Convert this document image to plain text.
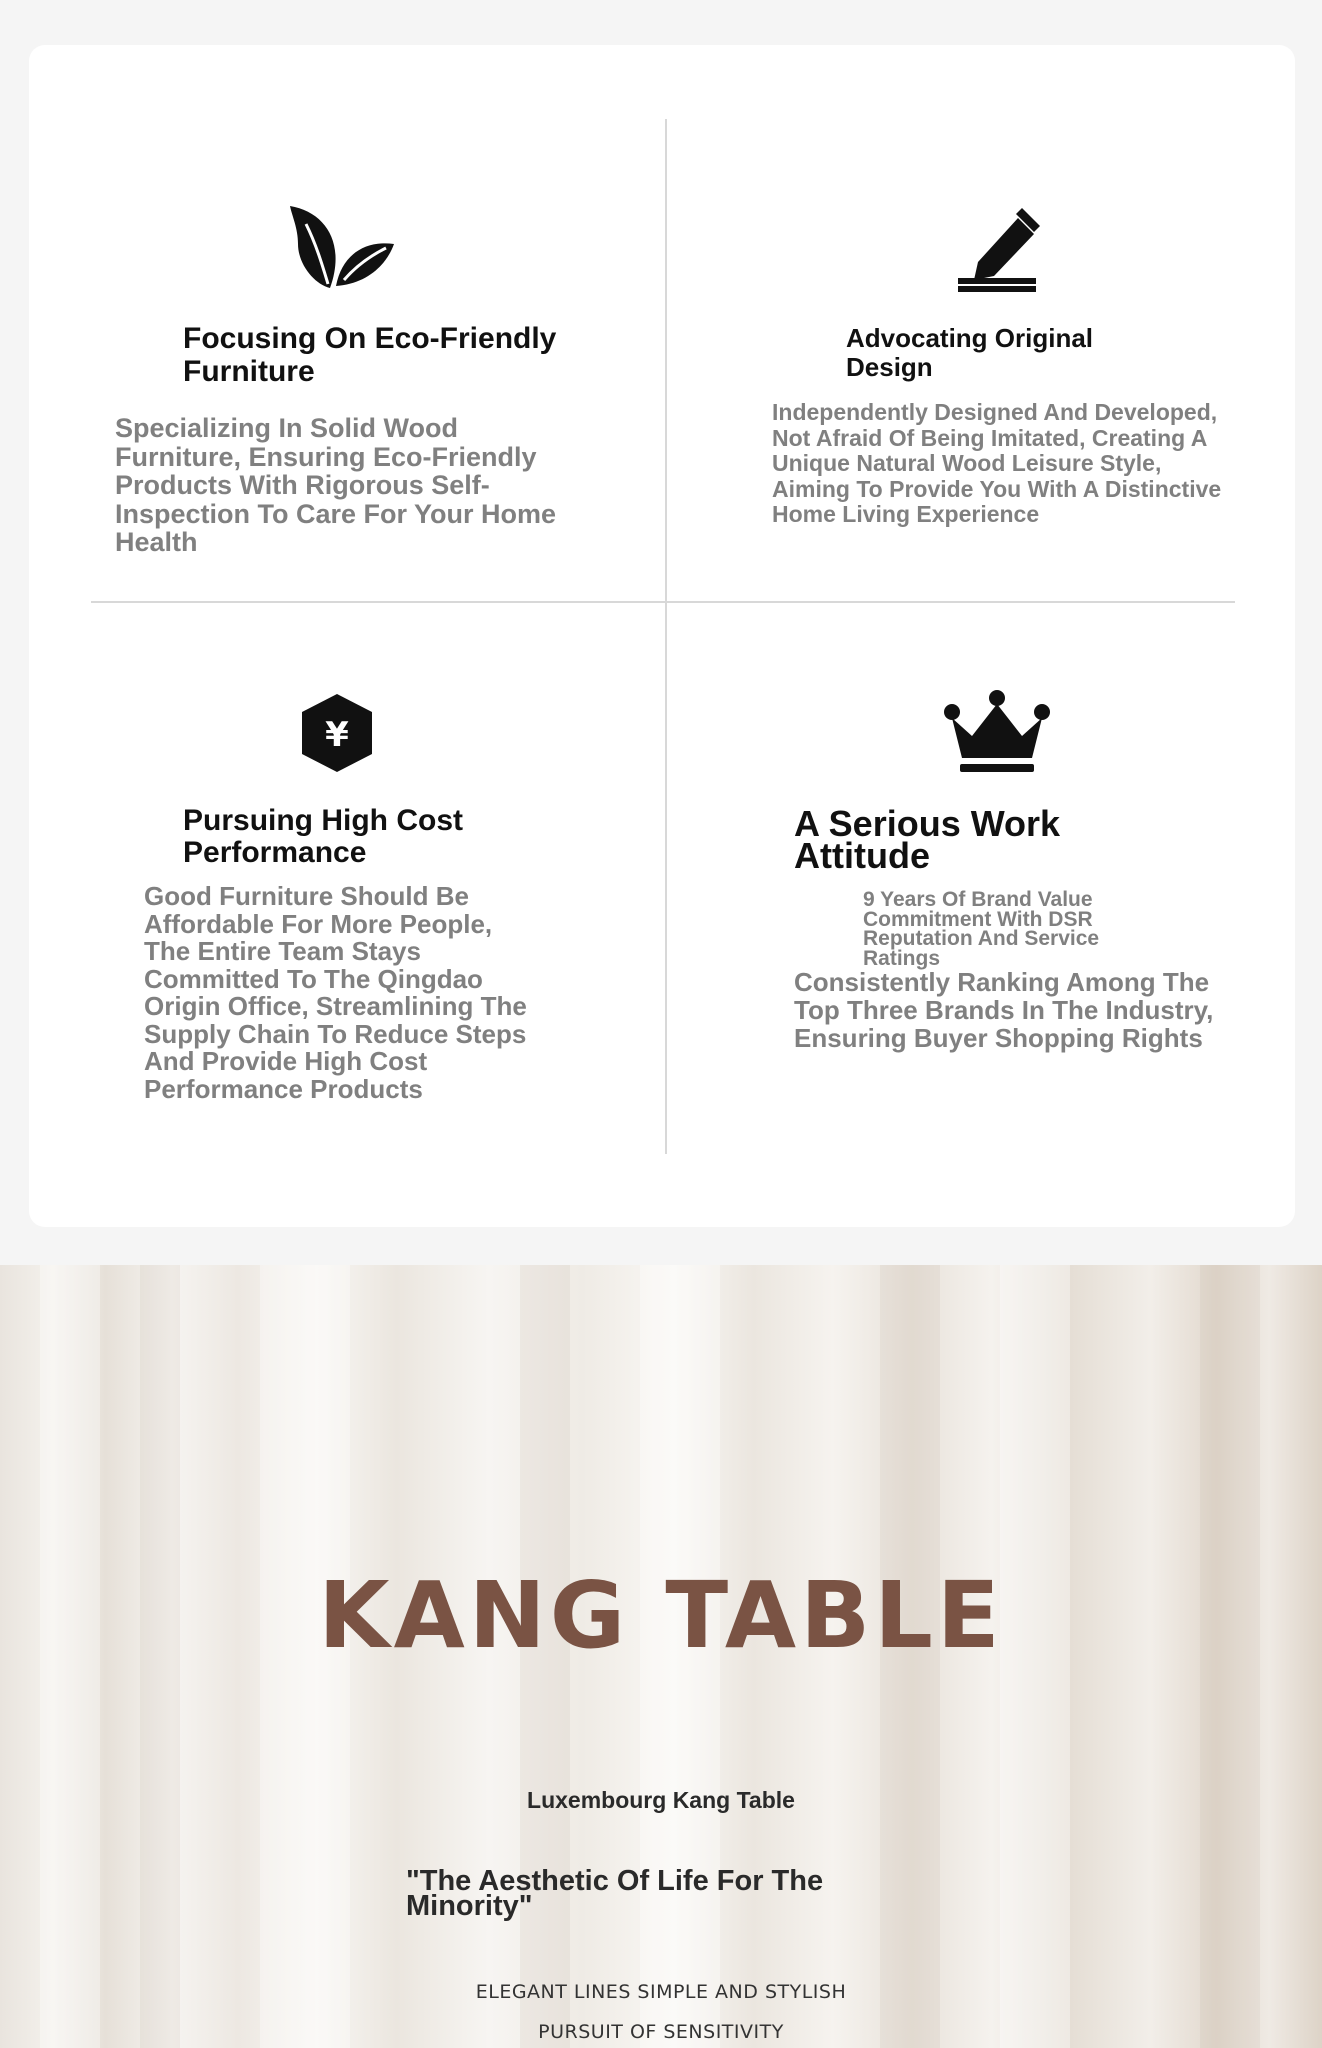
Focusing On Eco-Friendly Furniture
Specializing In Solid Wood Furniture, Ensuring Eco-Friendly Products With Rigorous Self-Inspection To Care For Your Home Health
Advocating Original Design
Independently Designed And Developed, Not Afraid Of Being Imitated, Creating A Unique Natural Wood Leisure Style, Aiming To Provide You With A Distinctive Home Living Experience
¥
Pursuing High Cost Performance
Good Furniture Should Be Affordable For More People, The Entire Team Stays Committed To The Qingdao Origin Office, Streamlining The Supply Chain To Reduce Steps And Provide High Cost Performance Products
A Serious Work Attitude
9 Years Of Brand Value Commitment With DSR Reputation And Service Ratings
Consistently Ranking Among The Top Three Brands In The Industry, Ensuring Buyer Shopping Rights
KANG TABLE
Luxembourg Kang Table
"The Aesthetic Of Life For The Minority"
ELEGANT LINES SIMPLE AND STYLISH
PURSUIT OF SENSITIVITY
